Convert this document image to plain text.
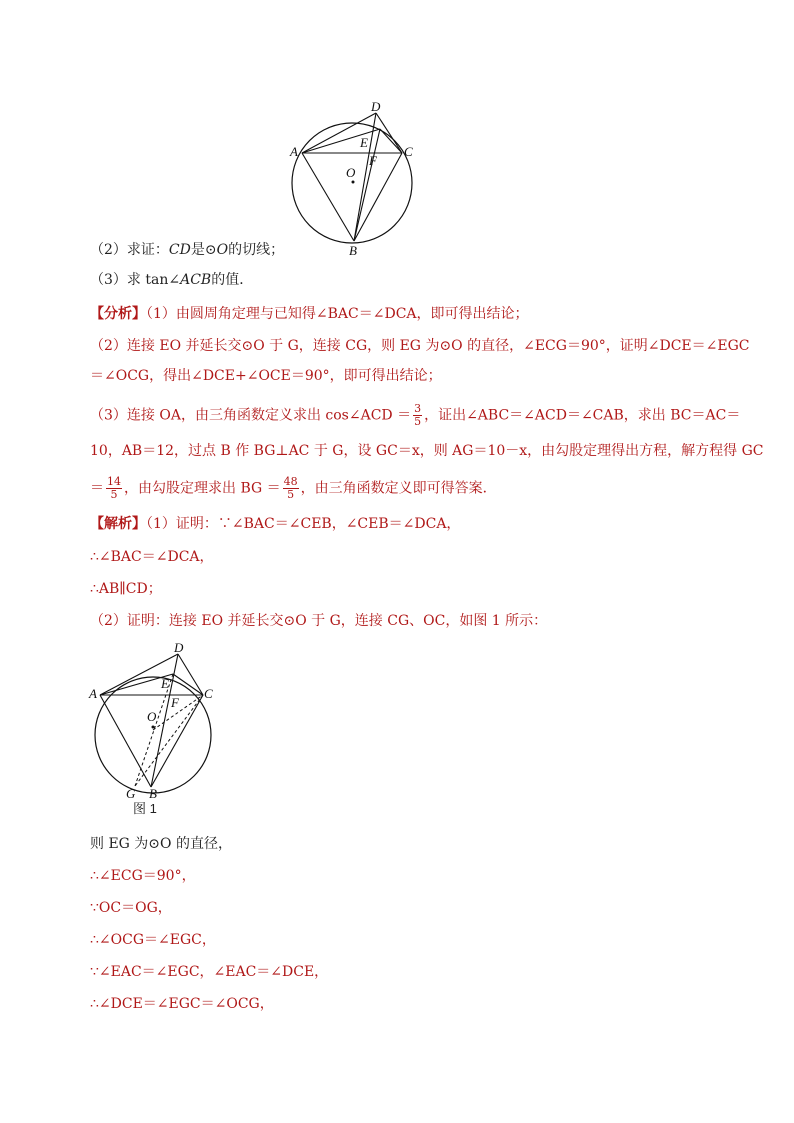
D
A
E
C
F
O
B
（2）求证：CD是⊙O的切线；
（3）求 tan∠ACB的值．
【分析】（1）由圆周角定理与已知得∠BAC＝∠DCA，即可得出结论；
（2）连接 EO 并延长交⊙O 于 G，连接 CG，则 EG 为⊙O 的直径，∠ECG＝90°，证明∠DCE＝∠EGC
＝∠OCG，得出∠DCE+∠OCE＝90°，即可得出结论；
（3）连接 OA，由三角函数定义求出 cos∠ACD ＝ $\frac{3}{5}$ ，证出∠ABC＝∠ACD＝∠CAB，求出 BC＝AC＝
10，AB＝12，过点 B 作 BG⊥AC 于 G，设 GC＝x，则 AG＝10－x，由勾股定理得出方程，解方程得 GC
＝ $\frac{14}{5}$ ，由勾股定理求出 BG ＝ $\frac{48}{5}$ ，由三角函数定义即可得答案．
【解析】（1）证明：∵∠BAC＝∠CEB，∠CEB＝∠DCA，
∴∠BAC＝∠DCA，
∴AB∥CD；
（2）证明：连接 EO 并延长交⊙O 于 G，连接 CG、OC，如图 1 所示：
D
A
E
C
F
O
G B
图 1
则 EG 为⊙O 的直径，
∴∠ECG＝90°，
∵OC＝OG，
∴∠OCG＝∠EGC，
∵∠EAC＝∠EGC，∠EAC＝∠DCE，
∴∠DCE＝∠EGC＝∠OCG，
